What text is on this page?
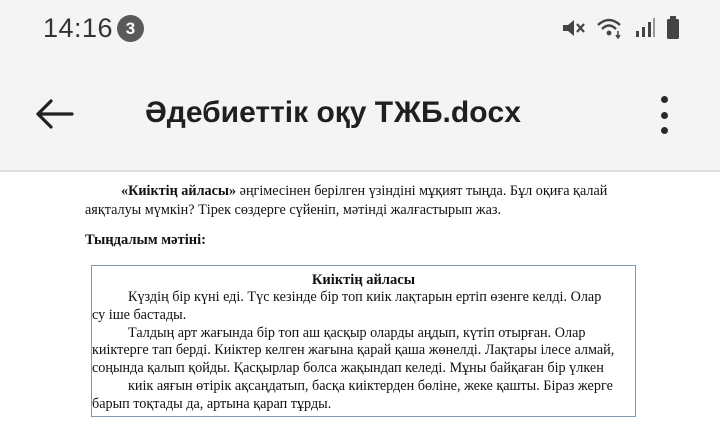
14:16 3
Әдебиеттік оқу ТЖБ.docx
«Киіктің айласы» әңгімесінен берілген үзіндіні мұқият тыңда. Бұл оқиға қалай аяқталуы мүмкін? Тірек сөздерге сүйеніп, мәтінді жалғастырып жаз.
Тыңдалым мәтіні:
Киіктің айласы

Күздің бір күні еді. Түс кезінде бір топ киік лақтарын ертіп өзенге келді. Олар

су іше бастады.

Талдың арт жағында бір топ аш қасқыр оларды аңдып, күтіп отырған. Олар

киіктерге тап берді. Киіктер келген жағына қарай қаша жөнелді. Лақтары ілесе алмай,

соңында қалып қойды. Қасқырлар болса жақындап келеді. Мұны байқаған бір үлкен

киік аяғын өтірік ақсаңдатып, басқа киіктерден бөлiне, жеке қашты. Біраз жерге

барып тоқтады да, артына қарап тұрды.
